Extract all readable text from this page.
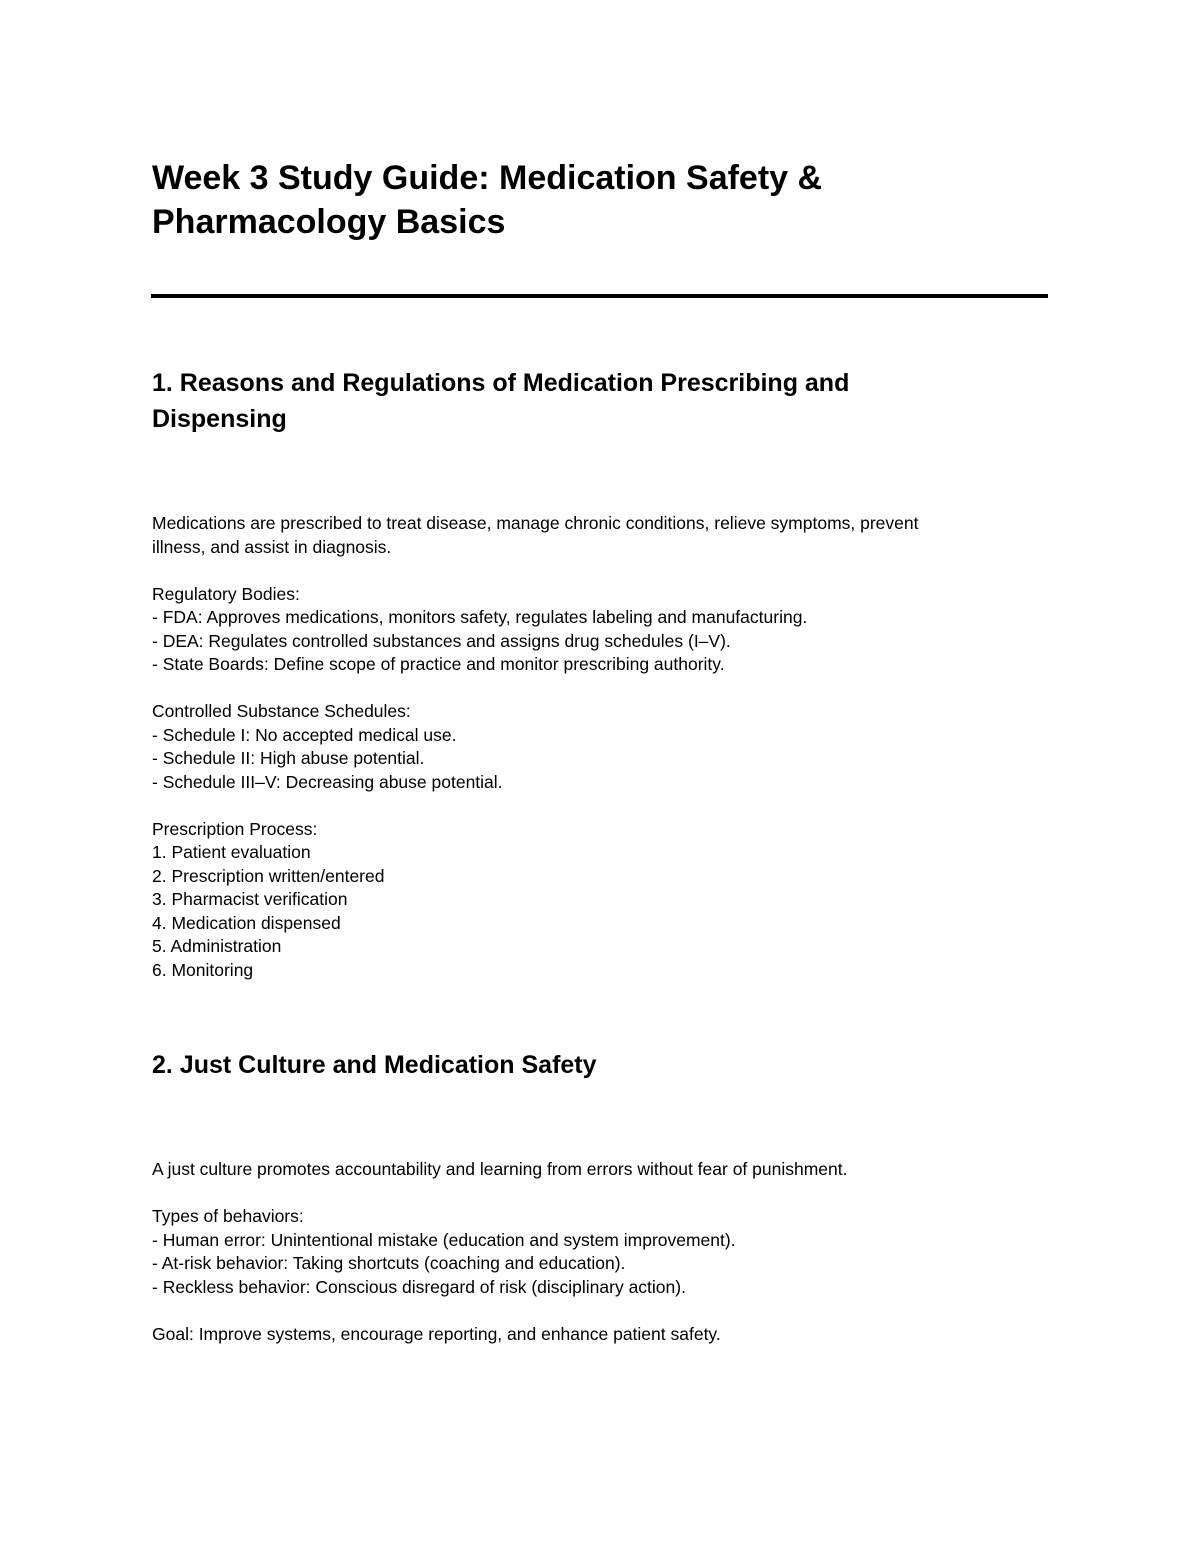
Week 3 Study Guide: Medication Safety &
Pharmacology Basics
1. Reasons and Regulations of Medication Prescribing and
Dispensing
Medications are prescribed to treat disease, manage chronic conditions, relieve symptoms, prevent
illness, and assist in diagnosis.
Regulatory Bodies:
- FDA: Approves medications, monitors safety, regulates labeling and manufacturing.
- DEA: Regulates controlled substances and assigns drug schedules (I–V).
- State Boards: Define scope of practice and monitor prescribing authority.
Controlled Substance Schedules:
- Schedule I: No accepted medical use.
- Schedule II: High abuse potential.
- Schedule III–V: Decreasing abuse potential.
Prescription Process:
1. Patient evaluation
2. Prescription written/entered
3. Pharmacist verification
4. Medication dispensed
5. Administration
6. Monitoring
2. Just Culture and Medication Safety
A just culture promotes accountability and learning from errors without fear of punishment.
Types of behaviors:
- Human error: Unintentional mistake (education and system improvement).
- At-risk behavior: Taking shortcuts (coaching and education).
- Reckless behavior: Conscious disregard of risk (disciplinary action).
Goal: Improve systems, encourage reporting, and enhance patient safety.
